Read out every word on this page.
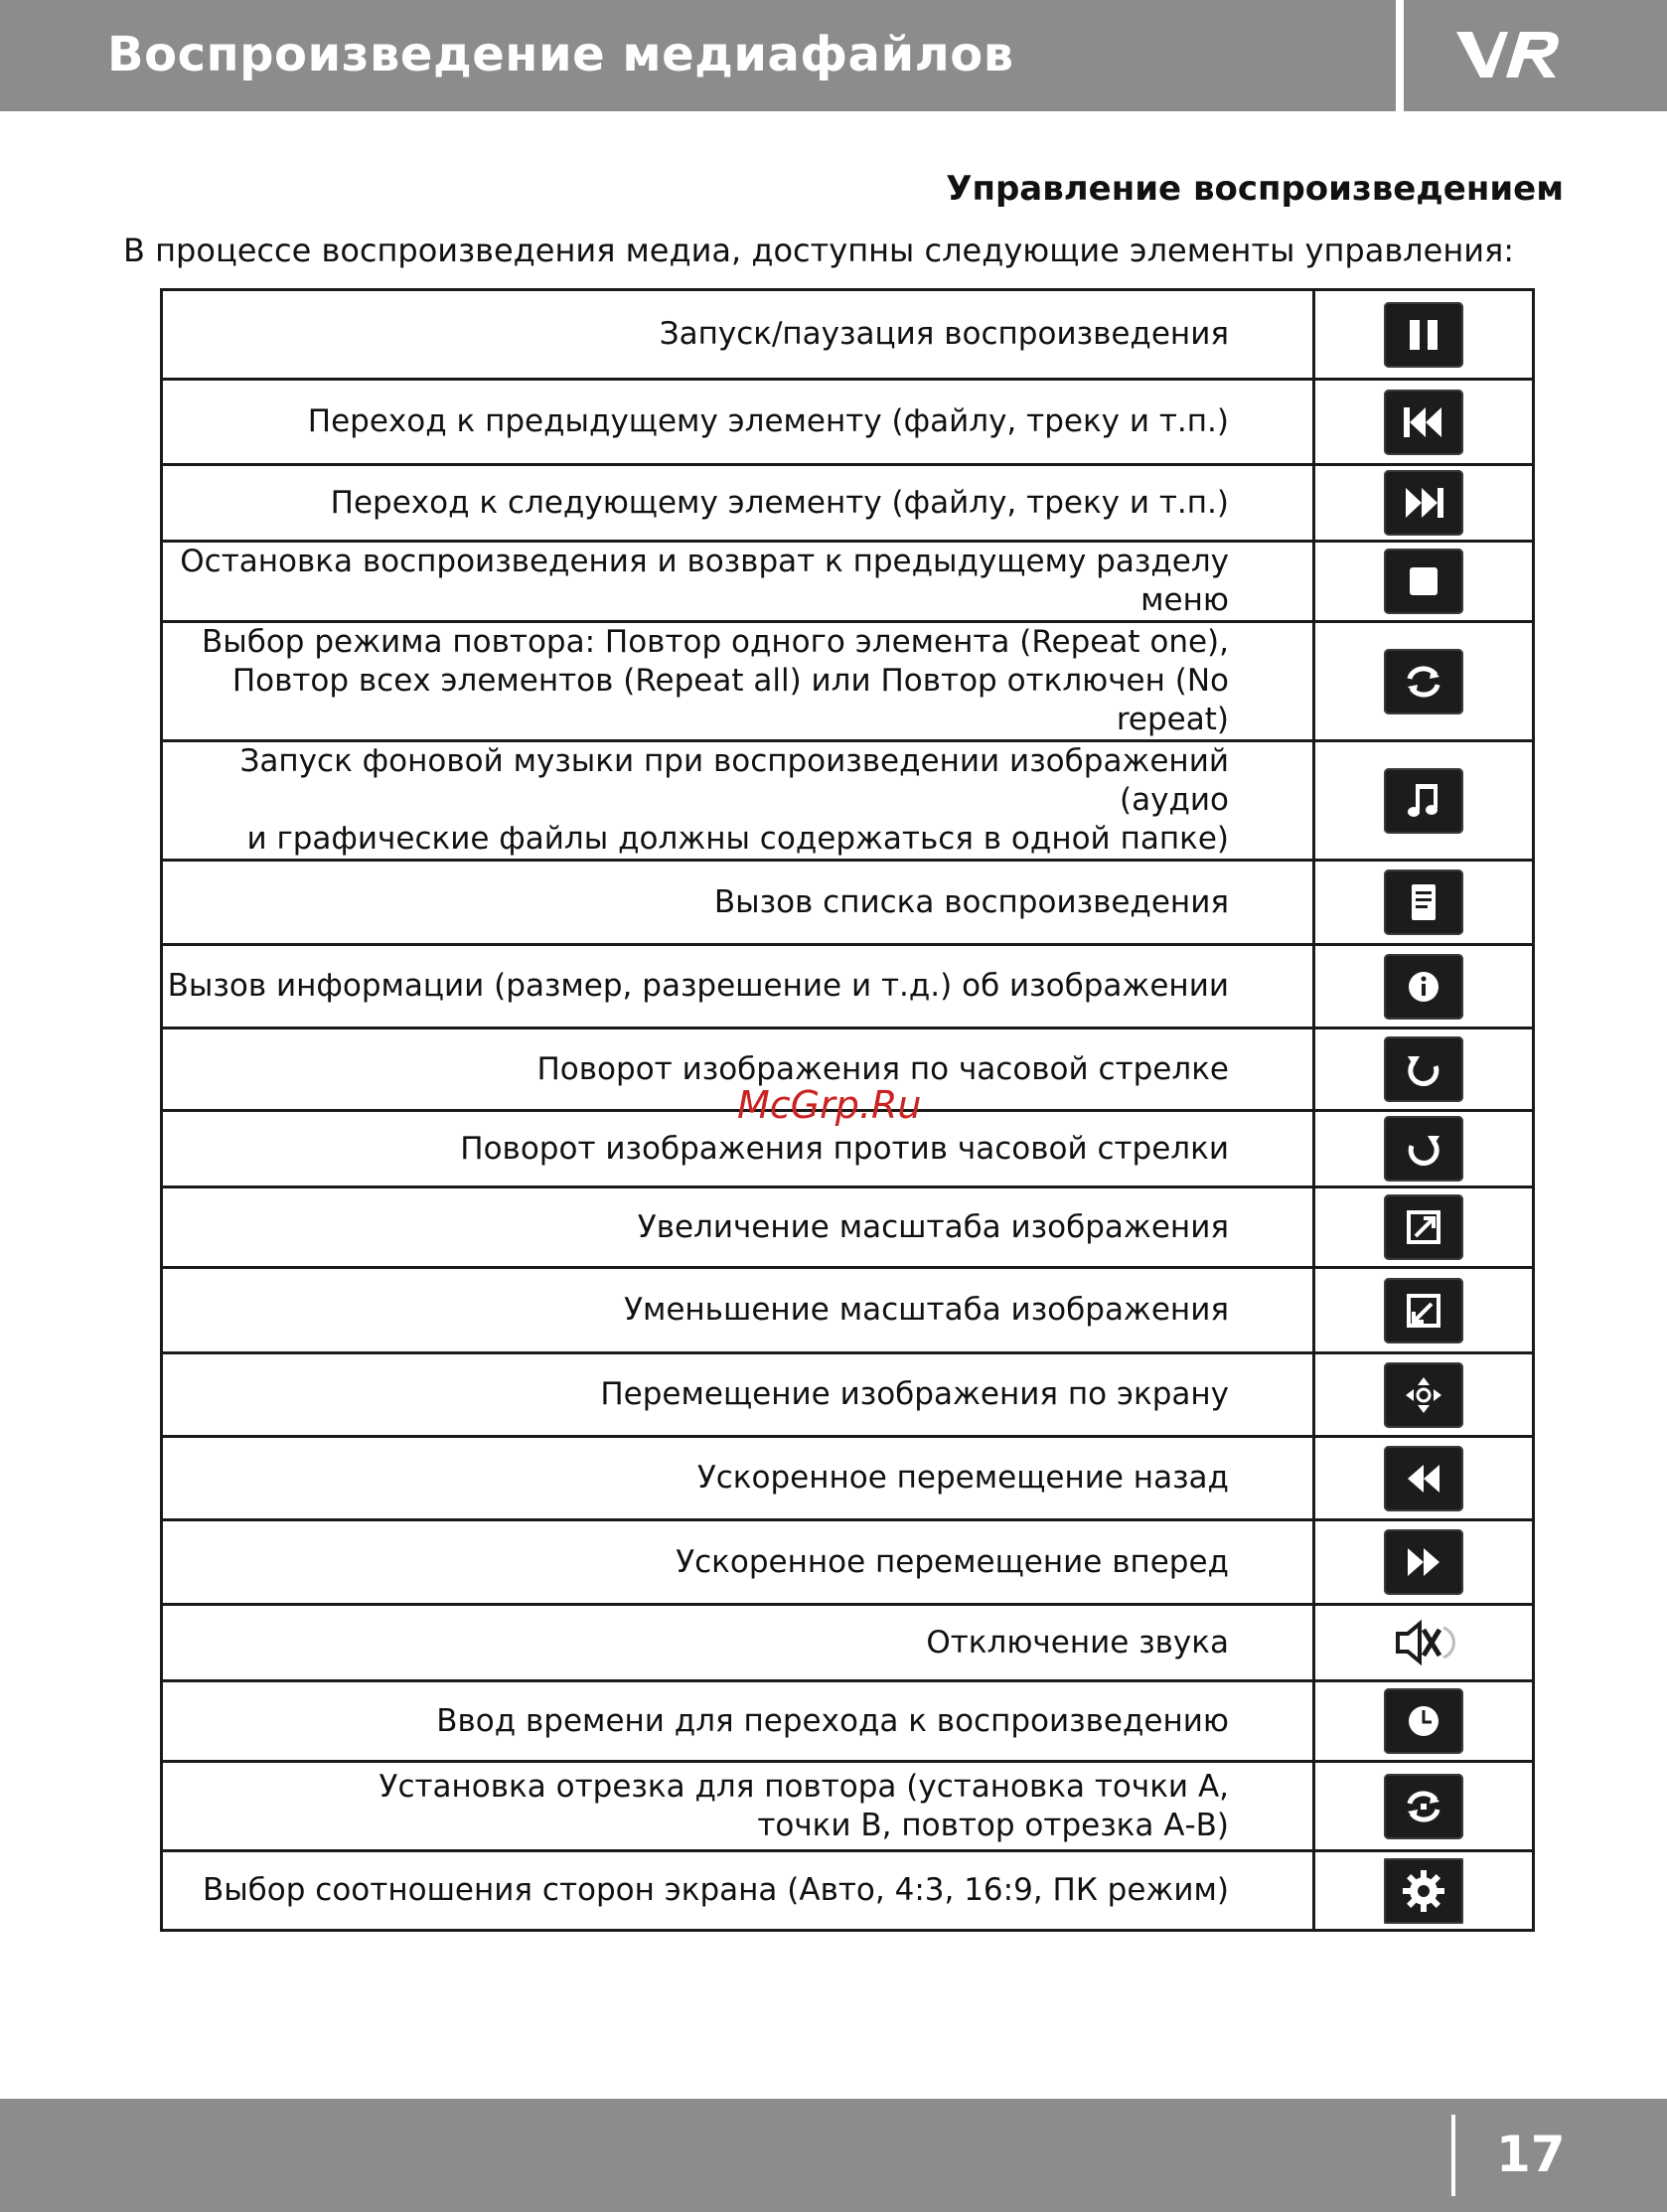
Воспроизведение медиафайлов
Управление воспроизведением
В процессе воспроизведения медиа, доступны следующие элементы управления:
Запуск/паузация воспроизведения	

Переход к предыдущему элементу (файлу, треку и т.п.)	

Переход к следующему элементу (файлу, треку и т.п.)	

Остановка воспроизведения и возврат к предыдущему разделу меню	

Выбор режима повтора: Повтор одного элемента (Repeat one),
Повтор всех элементов (Repeat all) или Повтор отключен (No repeat)

Запуск фоновой музыки при воспроизведении изображений (аудио
и графические файлы должны содержаться в одной папке)

Вызов списка воспроизведения	

Вызов информации (размер, разрешение и т.д.) об изображении	

Поворот изображения по часовой стрелке	

Поворот изображения против часовой стрелки	

Увеличение масштаба изображения	

Уменьшение масштаба изображения	

Перемещение изображения по экрану	

Ускоренное перемещение назад	

Ускоренное перемещение вперед	

Отключение звука	

Ввод времени для перехода к воспроизведению	

Установка отрезка для повтора (установка точки А,
точки В, повтор отрезка А-В)

Выбор соотношения сторон экрана (Авто, 4:3, 16:9, ПК режим)	
McGrp.Ru
17
